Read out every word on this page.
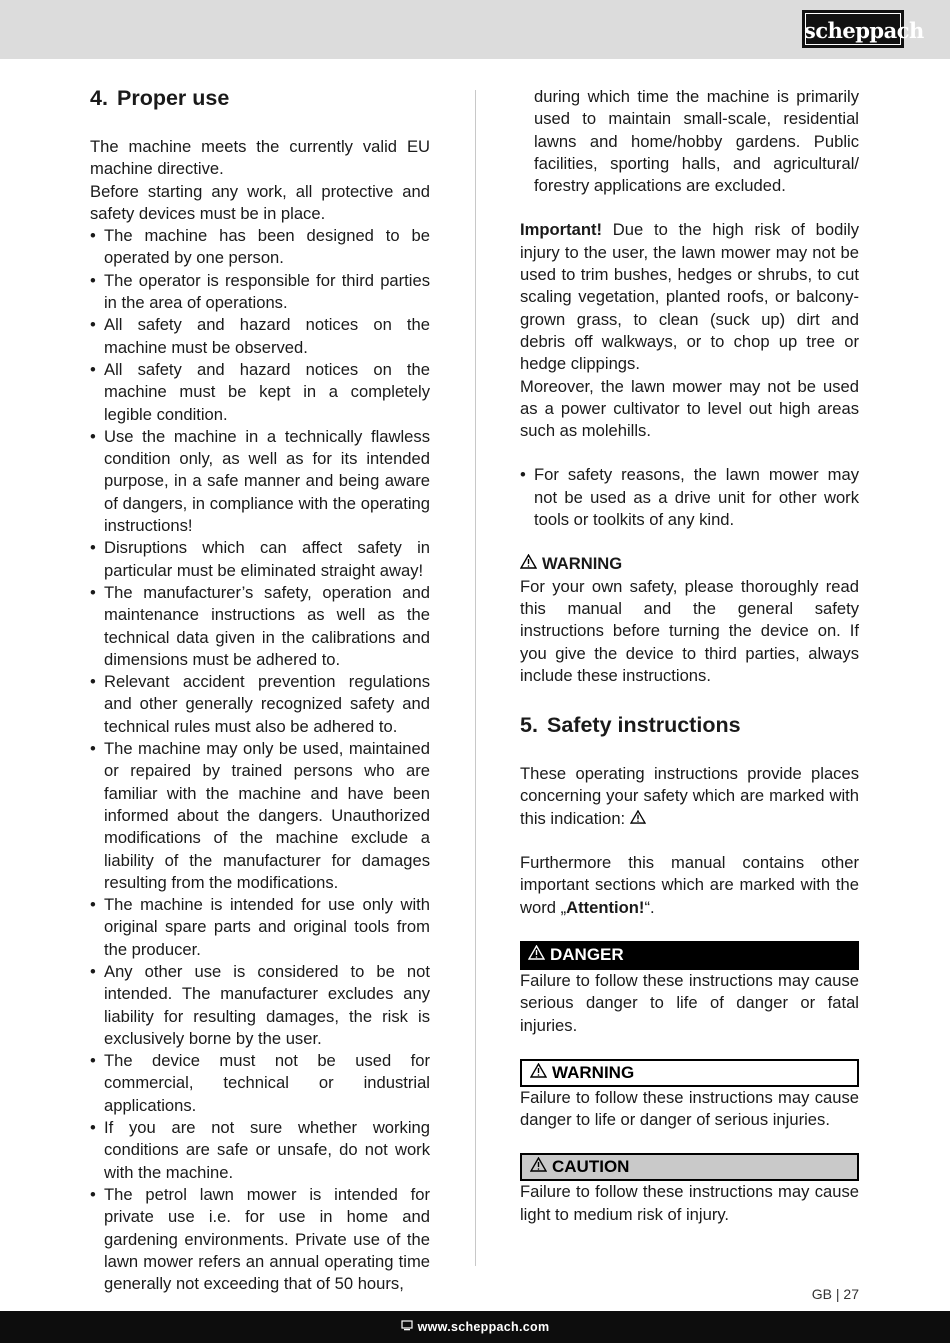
scheppach
4. Proper use

The machine meets the currently valid EU machine directive.

Before starting any work, all protective and safety devices must be in place.

• The machine has been designed to be operated by one person.
• The operator is responsible for third parties in the area of operations.
• All safety and hazard notices on the machine must be observed.
• All safety and hazard notices on the machine must be kept in a completely legible condition.
• Use the machine in a technically flawless condition only, as well as for its intended purpose, in a safe manner and being aware of dangers, in compliance with the operating instructions!
• Disruptions which can affect safety in particular must be eliminated straight away!
• The manufacturer’s safety, operation and maintenance instructions as well as the technical data given in the calibrations and dimensions must be adhered to.
• Relevant accident prevention regulations and other generally recognized safety and technical rules must also be adhered to.
• The machine may only be used, maintained or repaired by trained persons who are familiar with the machine and have been informed about the dangers. Unauthorized modifications of the machine exclude a liability of the manufacturer for damages resulting from the modifications.
• The machine is intended for use only with original spare parts and original tools from the producer.
• Any other use is considered to be not intended. The manufacturer excludes any liability for resulting damages, the risk is exclusively borne by the user.
• The device must not be used for commercial, technical or industrial applications.
• If you are not sure whether working conditions are safe or unsafe, do not work with the machine.
• The petrol lawn mower is intended for private use i.e. for use in home and gardening environments. Private use of the lawn mower refers an annual operating time generally not exceeding that of 50 hours,

during which time the machine is primarily used to maintain small-scale, residential lawns and home/hobby gardens. Public facilities, sporting halls, and agricultural/ forestry applications are excluded.

Important! Due to the high risk of bodily injury to the user, the lawn mower may not be used to trim bushes, hedges or shrubs, to cut scaling vegetation, planted roofs, or balcony-grown grass, to clean (suck up) dirt and debris off walkways, or to chop up tree or hedge clippings.

Moreover, the lawn mower may not be used as a power cultivator to level out high areas such as molehills.

• For safety reasons, the lawn mower may not be used as a drive unit for other work tools or toolkits of any kind.
WARNING

For your own safety, please thoroughly read this manual and the general safety instructions before turning the device on. If you give the device to third parties, always include these instructions.

5. Safety instructions

These operating instructions provide places concerning your safety which are marked with this indication:

Furthermore this manual contains other important sections which are marked with the word „Attention!“.

DANGER

Failure to follow these instructions may cause serious danger to life of danger or fatal injuries.

WARNING

Failure to follow these instructions may cause danger to life or danger of serious injuries.

CAUTION

Failure to follow these instructions may cause light to medium risk of injury.

GB | 27
www.scheppach.com
